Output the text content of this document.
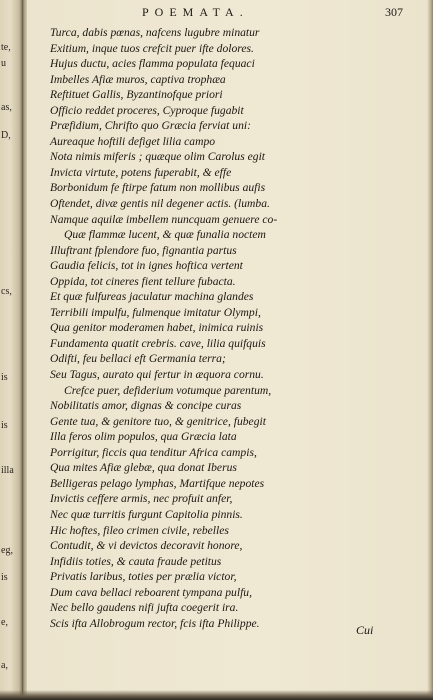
te,
u
as,
D,
cs,
is
is
illa
eg,
is
e,
a,
POEMATA.	307
Turca, dabis pœnas, nafcens lugubre minatur
Exitium, inque tuos crefcit puer ifte dolores.
Hujus ductu, acies flamma populata fequaci
Imbelles Afiæ muros, captiva trophæa
Reftituet Gallis, Byzantinofque priori
Officio reddet proceres, Cyproque fugabit
Præfidium, Chrifto quo Græcia ferviat uni:
Aureaque hoftili defiget lilia campo
Nota nimis miferis ; quæque olim Carolus egit
Invicta virtute, potens fuperabit, & effe
Borbonidum fe ftirpe fatum non mollibus aufis
Oftendet, divæ gentis nil degener actis. (lumba.
Namque aquilæ imbellem nuncquam genuere co-
Quæ flammæ lucent, & quæ funalia noctem
Illuftrant fplendore fuo, fignantia partus
Gaudia felicis, tot in ignes hoftica vertent
Oppida, tot cineres fient tellure fubacta.
Et quæ fulfureas jaculatur machina glandes
Terribili impulfu, fulmenque imitatur Olympi,
Qua genitor moderamen habet, inimica ruinis
Fundamenta quatit crebris. cave, lilia quifquis
Odifti, feu bellaci eft Germania terra;
Seu Tagus, aurato qui fertur in æquora cornu.
Crefce puer, defiderium votumque parentum,
Nobilitatis amor, dignas & concipe curas
Gente tua, & genitore tuo, & genitrice, fubegit
Illa feros olim populos, qua Græcia lata
Porrigitur, ficcis qua tenditur Africa campis,
Qua mites Afiæ glebæ, qua donat Iberus
Belligeras pelago lymphas, Martifque nepotes
Invictis ceffere armis, nec profuit anfer,
Nec quæ turritis furgunt Capitolia pinnis.
Hic hoftes, fileo crimen civile, rebelles
Contudit, & vi devictos decoravit honore,
Infidiis toties, & cauta fraude petitus
Privatis laribus, toties per prælia victor,
Dum cava bellaci reboarent tympana pulfu,
Nec bello gaudens nifi jufta coegerit ira.
Scis ifta Allobrogum rector, fcis ifta Philippe.	Cui
